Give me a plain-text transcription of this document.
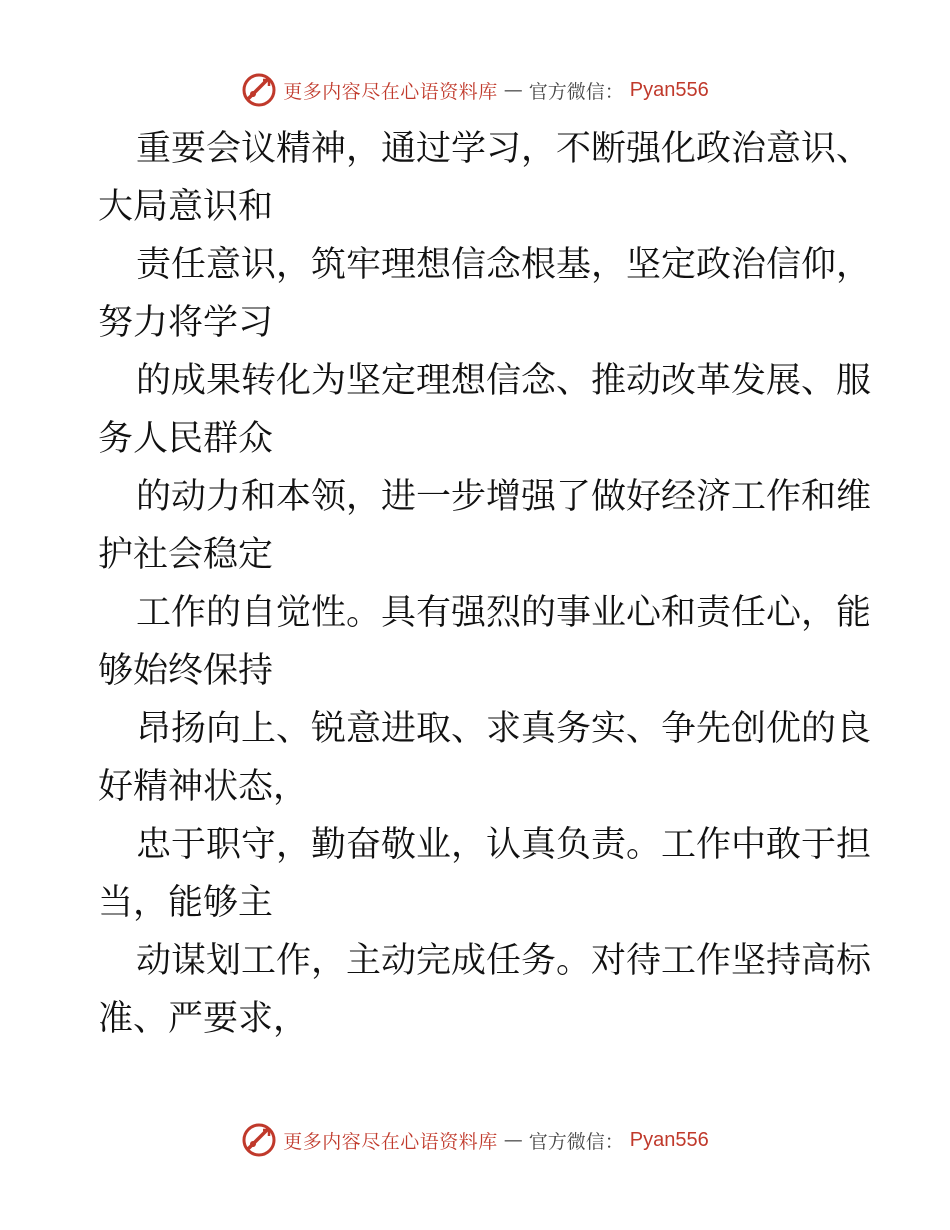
更多内容尽在心语资料库 — 官方微信： Pyan556
重要会议精神，通过学习，不断强化政治意识、
大局意识和
责任意识，筑牢理想信念根基，坚定政治信仰，
努力将学习
的成果转化为坚定理想信念、推动改革发展、服
务人民群众
的动力和本领，进一步增强了做好经济工作和维
护社会稳定
工作的自觉性。具有强烈的事业心和责任心，能
够始终保持
昂扬向上、锐意进取、求真务实、争先创优的良
好精神状态，
忠于职守，勤奋敬业，认真负责。工作中敢于担
当，能够主
动谋划工作，主动完成任务。对待工作坚持高标
准、严要求，
更多内容尽在心语资料库 — 官方微信： Pyan556
